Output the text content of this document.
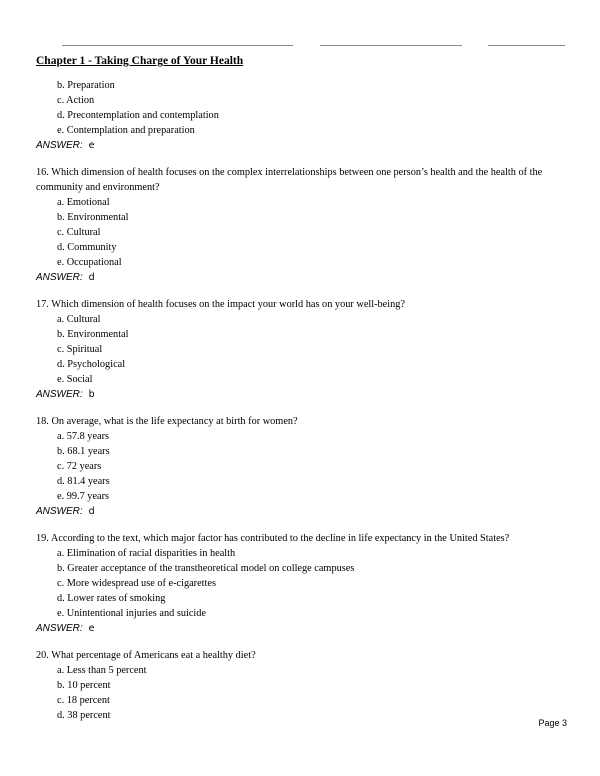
Chapter 1 - Taking Charge of Your Health

b. Preparation

c. Action

d. Precontemplation and contemplation

e. Contemplation and preparation

ANSWER: e

16. Which dimension of health focuses on the complex interrelationships between one person’s health and the health of the community and environment?

a. Emotional

b. Environmental

c. Cultural

d. Community

e. Occupational

ANSWER: d

17. Which dimension of health focuses on the impact your world has on your well-being?

a. Cultural

b. Environmental

c. Spiritual

d. Psychological

e. Social

ANSWER: b

18. On average, what is the life expectancy at birth for women?

a. 57.8 years

b. 68.1 years

c. 72 years

d. 81.4 years

e. 99.7 years

ANSWER: d

19. According to the text, which major factor has contributed to the decline in life expectancy in the United States?

a. Elimination of racial disparities in health

b. Greater acceptance of the transtheoretical model on college campuses

c. More widespread use of e-cigarettes

d. Lower rates of smoking

e. Unintentional injuries and suicide

ANSWER: e

20. What percentage of Americans eat a healthy diet?

a. Less than 5 percent

b. 10 percent

c. 18 percent

d. 38 percent

Page 3
